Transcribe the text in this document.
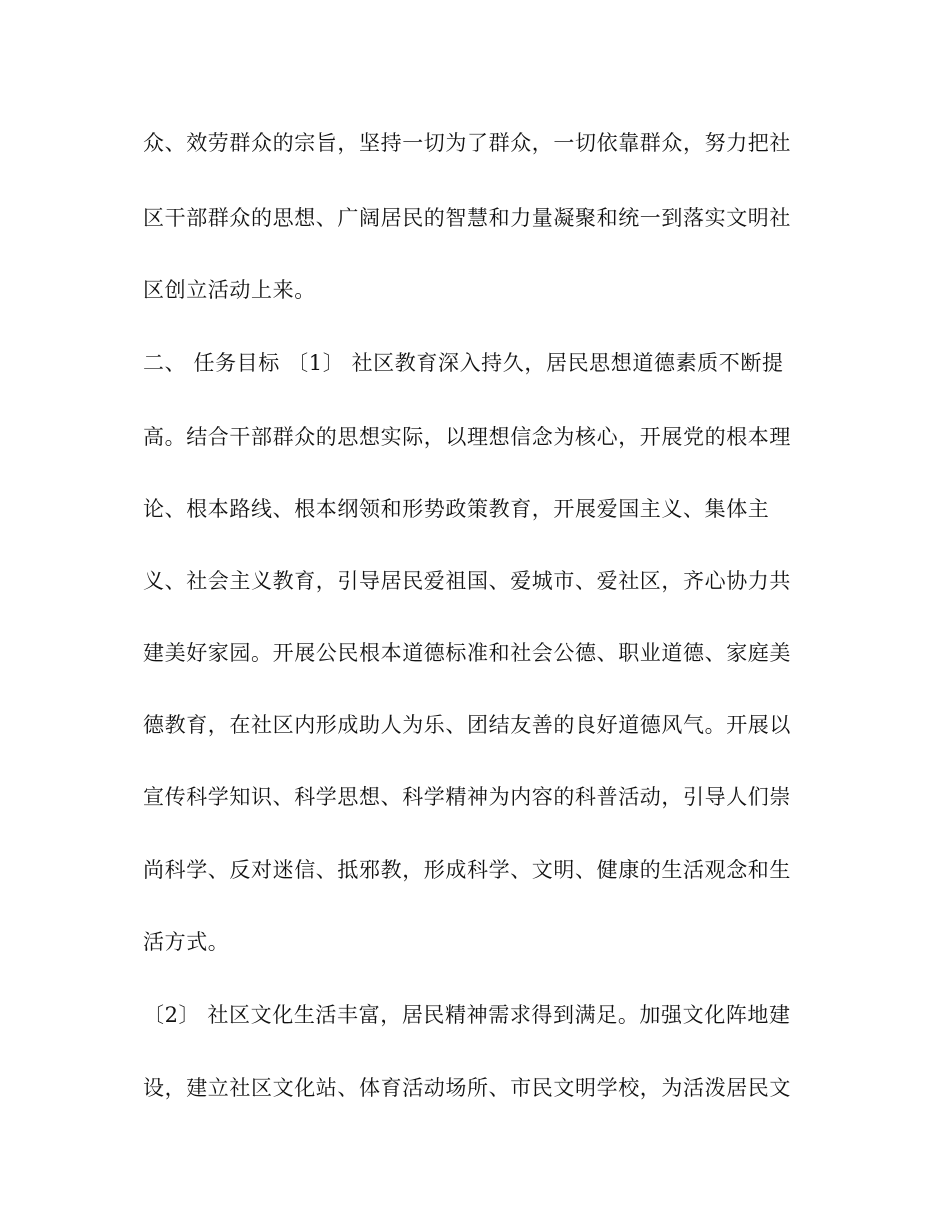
众、效劳群众的宗旨，坚持一切为了群众，一切依靠群众，努力把社
区干部群众的思想、广阔居民的智慧和力量凝聚和统一到落实文明社
区创立活动上来。
二、 任务目标 〔1〕 社区教育深入持久，居民思想道德素质不断提
高。结合干部群众的思想实际，以理想信念为核心，开展党的根本理
论、根本路线、根本纲领和形势政策教育，开展爱国主义、集体主
义、社会主义教育，引导居民爱祖国、爱城市、爱社区，齐心协力共
建美好家园。开展公民根本道德标准和社会公德、职业道德、家庭美
德教育，在社区内形成助人为乐、团结友善的良好道德风气。开展以
宣传科学知识、科学思想、科学精神为内容的科普活动，引导人们崇
尚科学、反对迷信、抵邪教，形成科学、文明、健康的生活观念和生
活方式。
〔2〕 社区文化生活丰富，居民精神需求得到满足。加强文化阵地建
设，建立社区文化站、体育活动场所、市民文明学校，为活泼居民文
